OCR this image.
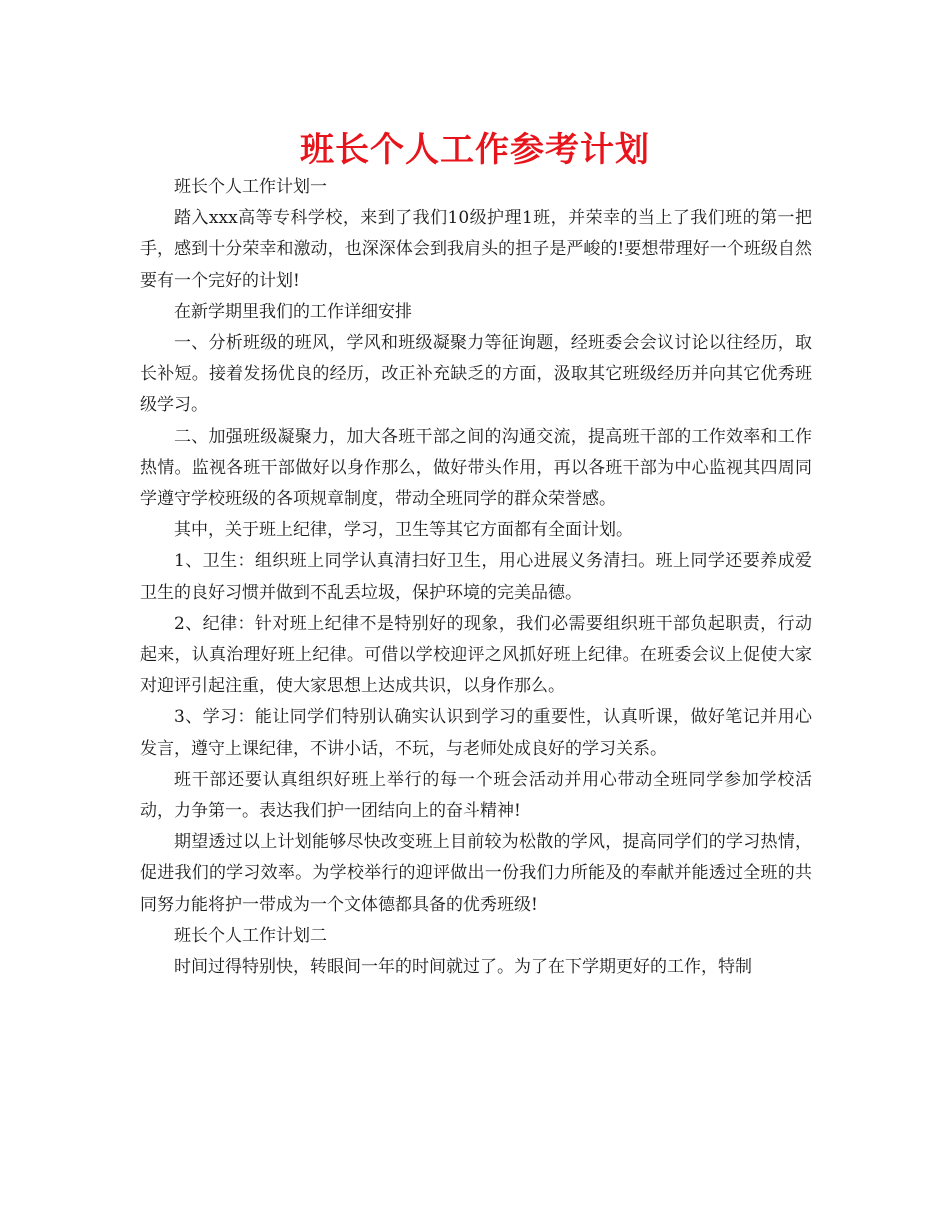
班长个人工作参考计划

班长个人工作计划一

踏入xxx高等专科学校，来到了我们10级护理1班，并荣幸的当上了我们班的第一把手，感到十分荣幸和激动，也深深体会到我肩头的担子是严峻的!要想带理好一个班级自然要有一个完好的计划!

在新学期里我们的工作详细安排

一、分析班级的班风，学风和班级凝聚力等征询题，经班委会会议讨论以往经历，取长补短。接着发扬优良的经历，改正补充缺乏的方面，汲取其它班级经历并向其它优秀班级学习。

二、加强班级凝聚力，加大各班干部之间的沟通交流，提高班干部的工作效率和工作热情。监视各班干部做好以身作那么，做好带头作用，再以各班干部为中心监视其四周同学遵守学校班级的各项规章制度，带动全班同学的群众荣誉感。

其中，关于班上纪律，学习，卫生等其它方面都有全面计划。

1、卫生：组织班上同学认真清扫好卫生，用心进展义务清扫。班上同学还要养成爱卫生的良好习惯并做到不乱丢垃圾，保护环境的完美品德。

2、纪律：针对班上纪律不是特别好的现象，我们必需要组织班干部负起职责，行动起来，认真治理好班上纪律。可借以学校迎评之风抓好班上纪律。在班委会议上促使大家对迎评引起注重，使大家思想上达成共识，以身作那么。

3、学习：能让同学们特别认确实认识到学习的重要性，认真听课，做好笔记并用心发言，遵守上课纪律，不讲小话，不玩，与老师处成良好的学习关系。

班干部还要认真组织好班上举行的每一个班会活动并用心带动全班同学参加学校活动，力争第一。表达我们护一团结向上的奋斗精神!

期望透过以上计划能够尽快改变班上目前较为松散的学风，提高同学们的学习热情，促进我们的学习效率。为学校举行的迎评做出一份我们力所能及的奉献并能透过全班的共同努力能将护一带成为一个文体德都具备的优秀班级!

班长个人工作计划二

时间过得特别快，转眼间一年的时间就过了。为了在下学期更好的工作，特制
